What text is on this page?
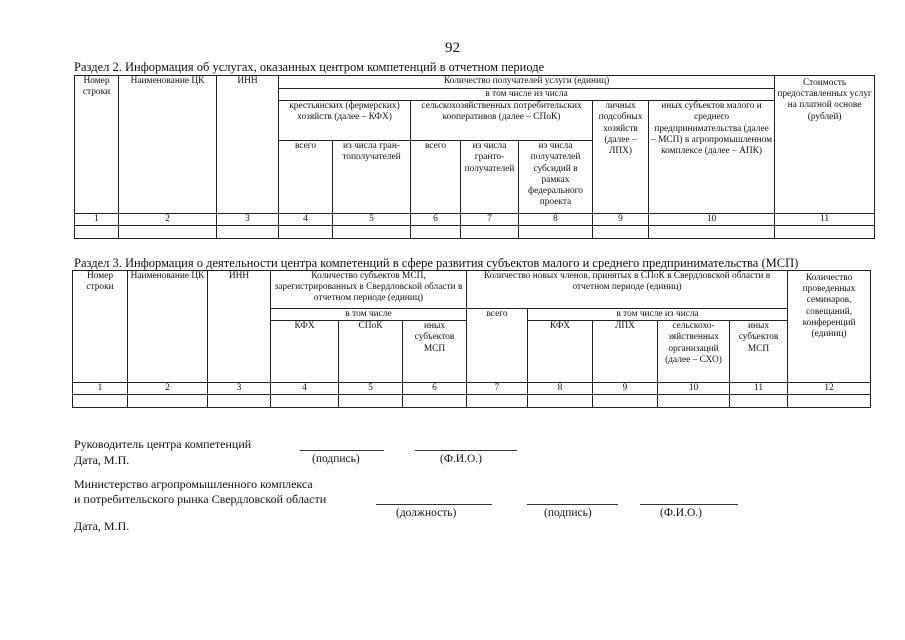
92
Раздел 2. Информация об услугах, оказанных центром компетенций в отчетном периоде
Номер строки	Наименование ЦК	ИНН	Количество получателей услуги (единиц)							Стоимость предоставленных услуг на платной основе (рублей)
			в том числе из числа							
			крестьянских (фермерских) хозяйств (далее – КФХ)		сельскохозяйственных потребительских кооперативов (далее – СПоК)			личных подсобных хозяйств (далее – ЛПХ)	иных субъектов малого и среднего предпринимательства (далее – МСП) в агропромышленном комплексе (далее – АПК)	
			всего	из числа гран-тополучателей	всего	из числа гранто-получателей	из числа получателей субсидий в рамках федерального проекта			
1	2	3	4	5	6	7	8	9	10	11

Раздел 3. Информация о деятельности центра компетенций в сфере развития субъектов малого и среднего предпринимательства (МСП)
Номер строки	Наименование ЦК	ИНН	Количество субъектов МСП, зарегистрированных в Свердловской области в отчетном периоде (единиц)			Количество новых членов, принятых в СПоК в Свердловской области в отчетном периоде (единиц)					Количество проведенных семинаров, совещаний, конференций (единиц)
			в том числе			всего	в том числе из числа				
			КФХ	СПоК	иных субъектов МСП		КФХ	ЛПХ	сельскохо-зяйственных организаций (далее – СХО)	иных субъектов МСП	

1	2	3	4	5	6	7	8	9	10	11	12

Руководитель центра компетенций
Дата, М.П.	(подпись)	(Ф.И.О.)
Министерство агропромышленного комплекса
и потребительского рынка Свердловской области
(должность)	(подпись)	(Ф.И.О.)
Дата, М.П.
